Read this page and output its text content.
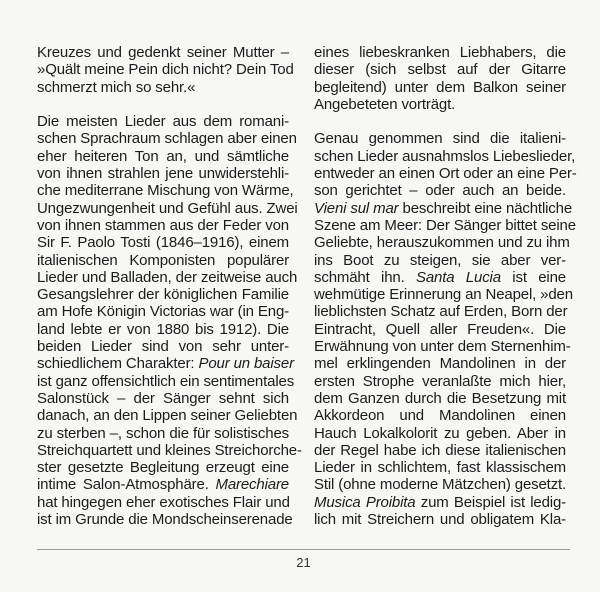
Kreuzes und gedenkt seiner Mutter –
»Quält meine Pein dich nicht? Dein Tod
schmerzt mich so sehr.«
Die meisten Lieder aus dem romani-
schen Sprachraum schlagen aber einen
eher heiteren Ton an, und sämtliche
von ihnen strahlen jene unwiderstehli-
che mediterrane Mischung von Wärme,
Ungezwungenheit und Gefühl aus. Zwei
von ihnen stammen aus der Feder von
Sir F. Paolo Tosti (1846–1916), einem
italienischen Komponisten populärer
Lieder und Balladen, der zeitweise auch
Gesangslehrer der königlichen Familie
am Hofe Königin Victorias war (in Eng-
land lebte er von 1880 bis 1912). Die
beiden Lieder sind von sehr unter-
schiedlichem Charakter: Pour un baiser
ist ganz offensichtlich ein sentimentales
Salonstück – der Sänger sehnt sich
danach, an den Lippen seiner Geliebten
zu sterben –, schon die für solistisches
Streichquartett und kleines Streichorche-
ster gesetzte Begleitung erzeugt eine
intime Salon-Atmosphäre. Marechiare
hat hingegen eher exotisches Flair und
ist im Grunde die Mondscheinserenade
eines liebeskranken Liebhabers, die
dieser (sich selbst auf der Gitarre
begleitend) unter dem Balkon seiner
Angebeteten vorträgt.
Genau genommen sind die italieni-
schen Lieder ausnahmslos Liebeslieder,
entweder an einen Ort oder an eine Per-
son gerichtet – oder auch an beide.
Vieni sul mar beschreibt eine nächtliche
Szene am Meer: Der Sänger bittet seine
Geliebte, herauszukommen und zu ihm
ins Boot zu steigen, sie aber ver-
schmäht ihn. Santa Lucia ist eine
wehmütige Erinnerung an Neapel, »den
lieblichsten Schatz auf Erden, Born der
Eintracht, Quell aller Freuden«. Die
Erwähnung von unter dem Sternenhim-
mel erklingenden Mandolinen in der
ersten Strophe veranlaßte mich hier,
dem Ganzen durch die Besetzung mit
Akkordeon und Mandolinen einen
Hauch Lokalkolorit zu geben. Aber in
der Regel habe ich diese italienischen
Lieder in schlichtem, fast klassischem
Stil (ohne moderne Mätzchen) gesetzt.
Musica Proibita zum Beispiel ist ledig-
lich mit Streichern und obligatem Kla-
21
